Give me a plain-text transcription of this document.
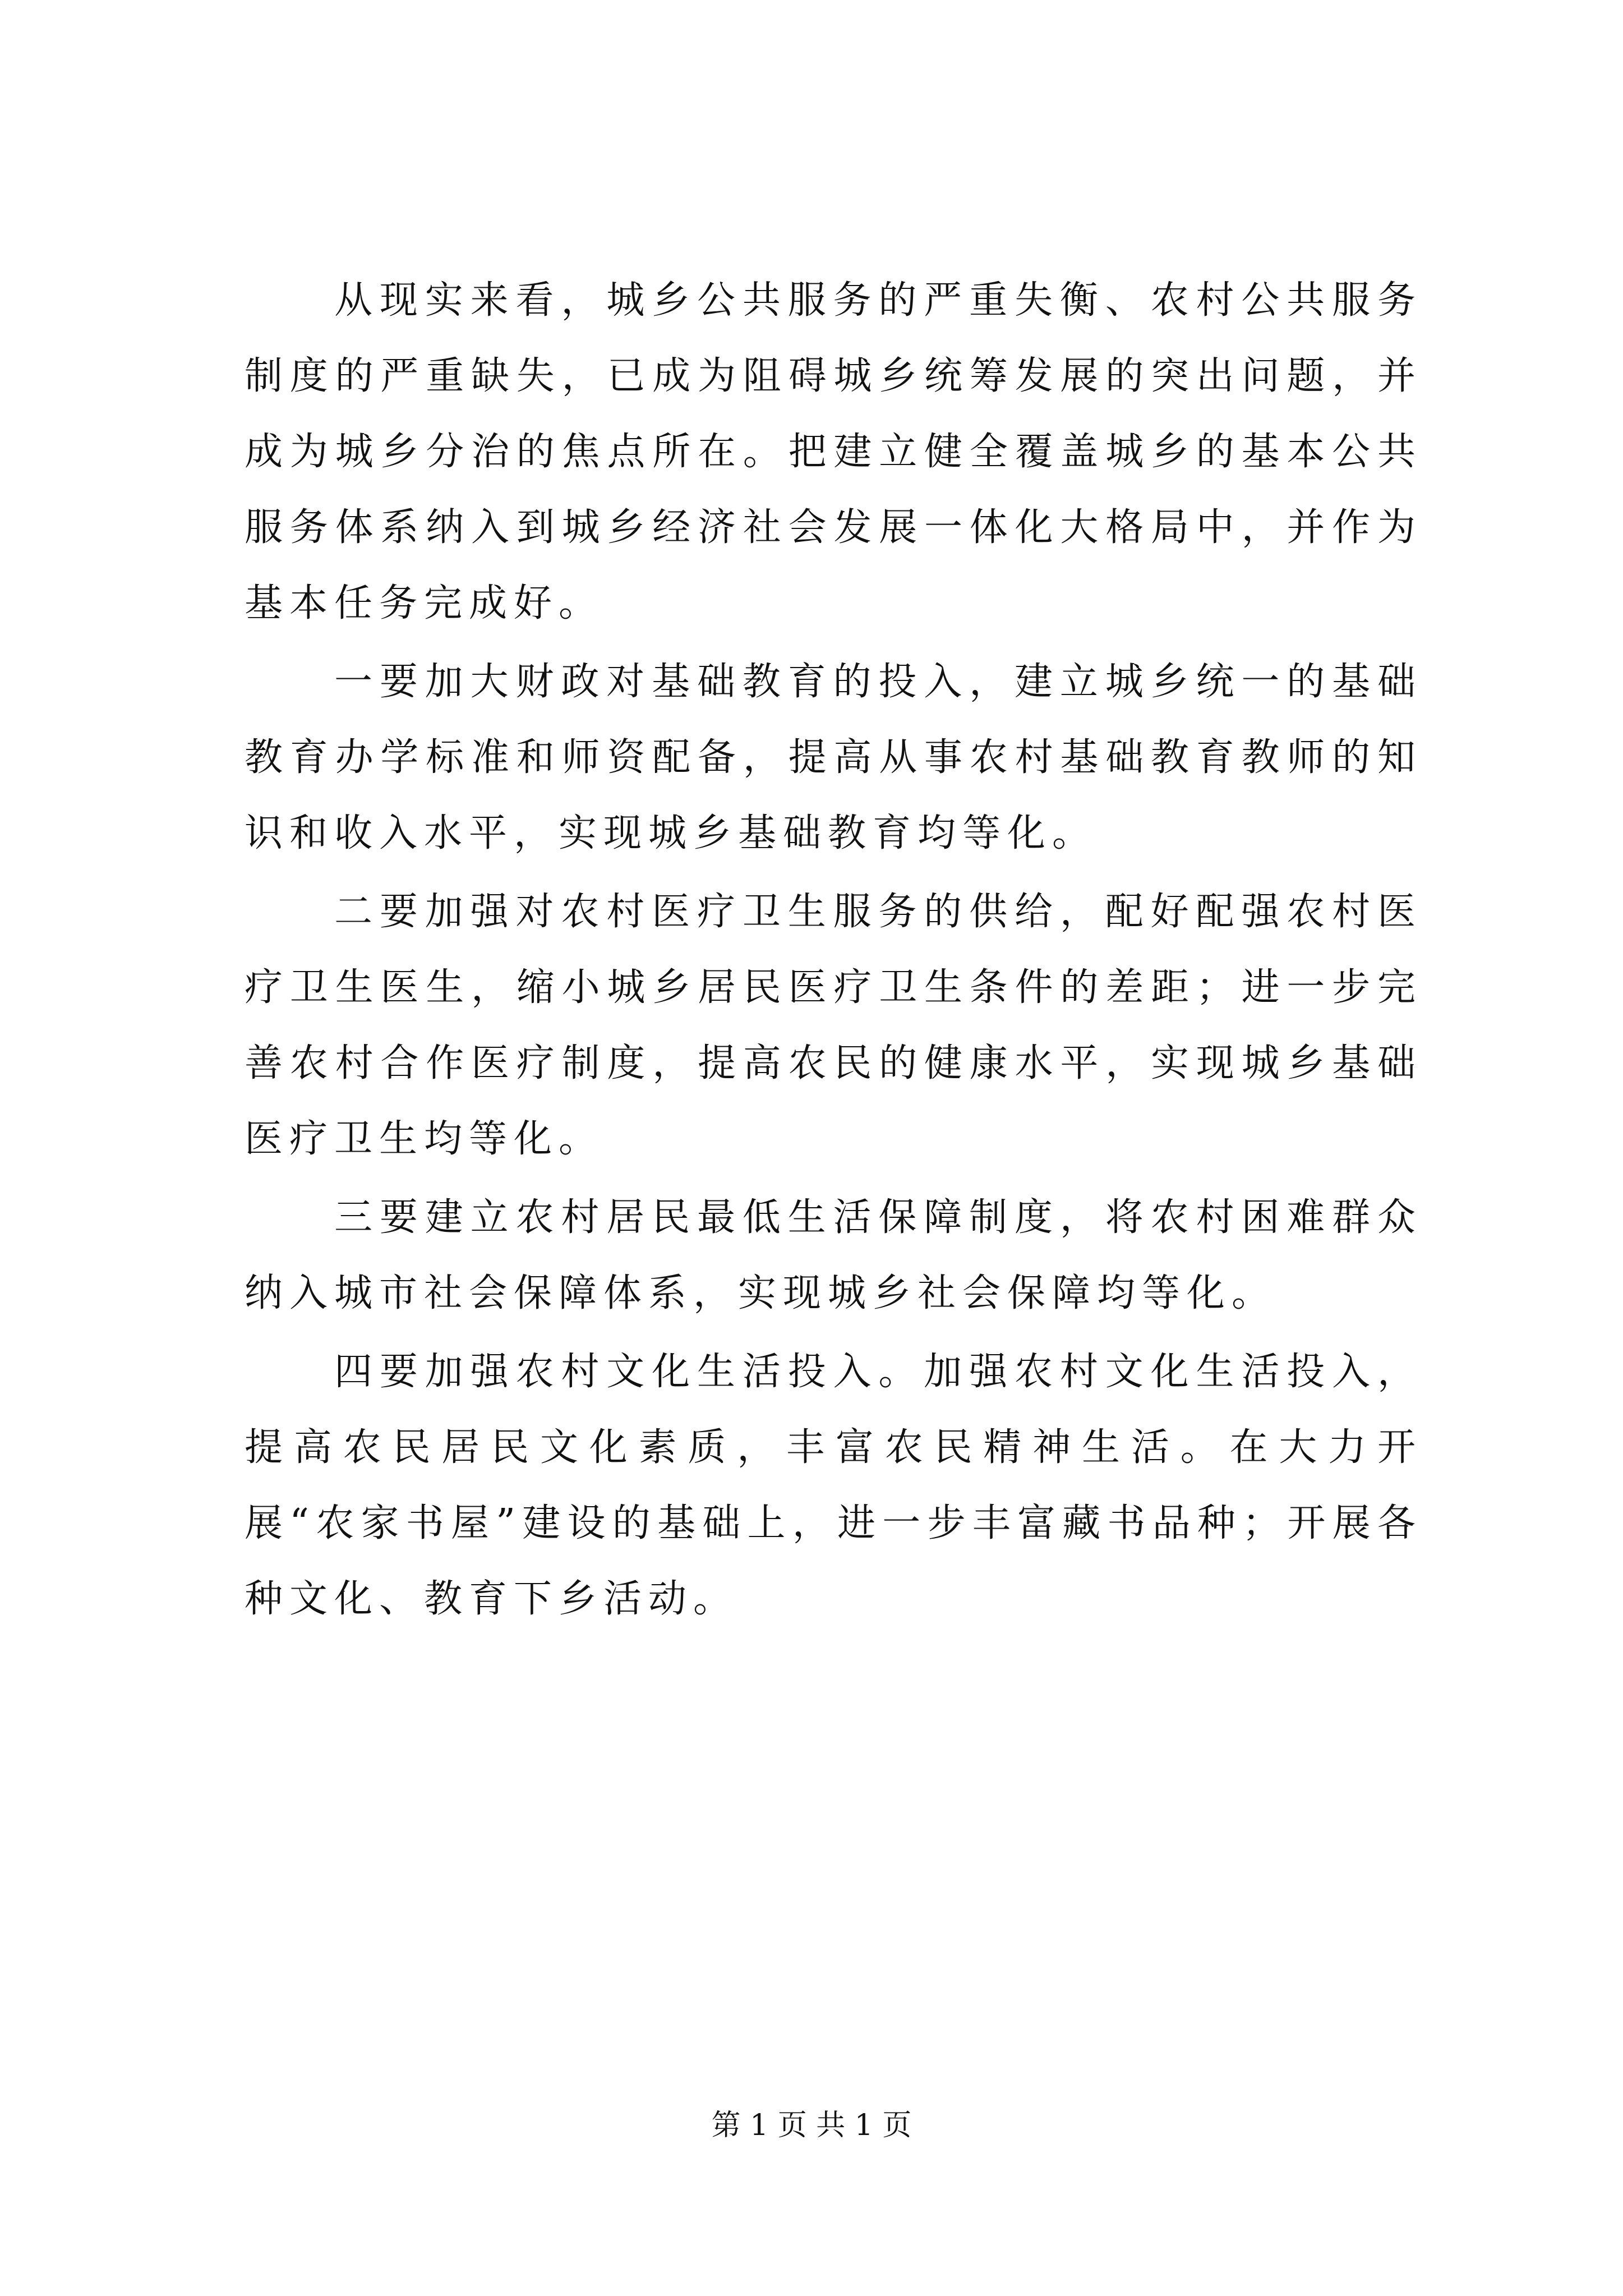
从现实来看，城乡公共服务的严重失衡、农村公共服务制度的严重缺失，已成为阻碍城乡统筹发展的突出问题，并成为城乡分治的焦点所在。把建立健全覆盖城乡的基本公共服务体系纳入到城乡经济社会发展一体化大格局中，并作为基本任务完成好。

一要加大财政对基础教育的投入，建立城乡统一的基础教育办学标准和师资配备，提高从事农村基础教育教师的知识和收入水平，实现城乡基础教育均等化。

二要加强对农村医疗卫生服务的供给，配好配强农村医疗卫生医生，缩小城乡居民医疗卫生条件的差距；进一步完善农村合作医疗制度，提高农民的健康水平，实现城乡基础医疗卫生均等化。

三要建立农村居民最低生活保障制度，将农村困难群众纳入城市社会保障体系，实现城乡社会保障均等化。

四要加强农村文化生活投入。加强农村文化生活投入，提高农民居民文化素质，丰富农民精神生活。在大力开展“农家书屋”建设的基础上，进一步丰富藏书品种；开展各种文化、教育下乡活动。

第 1 页 共 1 页
